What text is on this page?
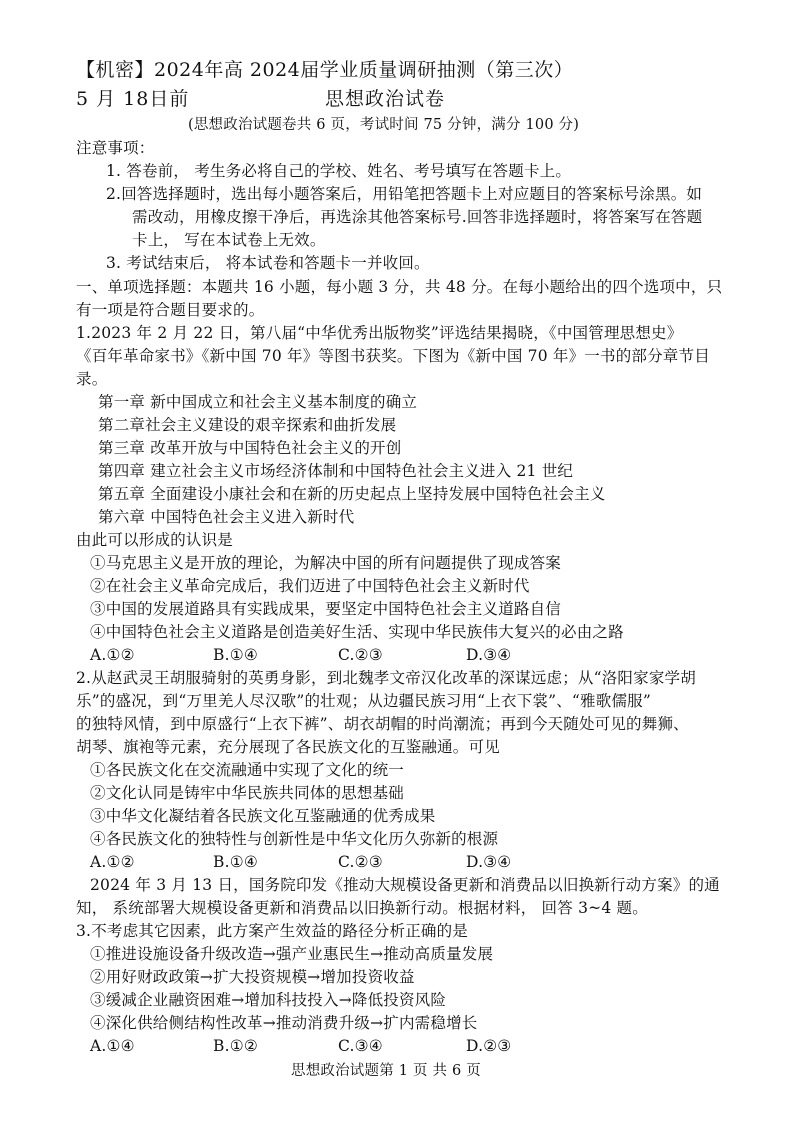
【机密】2024年高 2024届学业质量调研抽测（第三次）
5 月 18日前	思想政治试卷
(思想政治试题卷共 6 页，考试时间 75 分钟，满分 100 分)
注意事项：
1. 答卷前， 考生务必将自己的学校、姓名、考号填写在答题卡上。
2.回答选择题时，选出每小题答案后，用铅笔把答题卡上对应题目的答案标号涂黑。如
需改动，用橡皮擦干净后，再选涂其他答案标号.回答非选择题时，将答案写在答题
卡上， 写在本试卷上无效。
3. 考试结束后， 将本试卷和答题卡一并收回。
一、单项选择题：本题共 16 小题，每小题 3 分，共 48 分。在每小题给出的四个选项中，只
有一项是符合题目要求的。
1.2023 年 2 月 22 日，第八届“中华优秀出版物奖”评选结果揭晓，《中国管理思想史》
《百年革命家书》《新中国 70 年》等图书获奖。下图为《新中国 70 年》一书的部分章节目
录。
第一章 新中国成立和社会主义基本制度的确立
第二章社会主义建设的艰辛探索和曲折发展
第三章 改革开放与中国特色社会主义的开创
第四章 建立社会主义市场经济体制和中国特色社会主义进入 21 世纪
第五章 全面建设小康社会和在新的历史起点上坚持发展中国特色社会主义
第六章 中国特色社会主义进入新时代
由此可以形成的认识是
①马克思主义是开放的理论，为解决中国的所有问题提供了现成答案
②在社会主义革命完成后，我们迈进了中国特色社会主义新时代
③中国的发展道路具有实践成果，要坚定中国特色社会主义道路自信
④中国特色社会主义道路是创造美好生活、实现中华民族伟大复兴的必由之路
A.①②	B.①④	C.②③	D.③④
2.从赵武灵王胡服骑射的英勇身影，到北魏孝文帝汉化改革的深谋远虑；从“洛阳家家学胡
乐”的盛况，到“万里羌人尽汉歌”的壮观；从边疆民族习用“上衣下裳”、“雅歌儒服”
的独特风情，到中原盛行“上衣下裤”、胡衣胡帽的时尚潮流；再到今天随处可见的舞狮、
胡琴、旗袍等元素，充分展现了各民族文化的互鉴融通。可见
①各民族文化在交流融通中实现了文化的统一
②文化认同是铸牢中华民族共同体的思想基础
③中华文化凝结着各民族文化互鉴融通的优秀成果
④各民族文化的独特性与创新性是中华文化历久弥新的根源
A.①②	B.①④	C.②③	D.③④
2024 年 3 月 13 日，国务院印发《推动大规模设备更新和消费品以旧换新行动方案》的通
知， 系统部署大规模设备更新和消费品以旧换新行动。根据材料， 回答 3~4 题。
3.不考虑其它因素，此方案产生效益的路径分析正确的是
①推进设施设备升级改造→强产业惠民生→推动高质量发展
②用好财政政策→扩大投资规模→增加投资收益
③缓减企业融资困难→增加科技投入→降低投资风险
④深化供给侧结构性改革→推动消费升级→扩内需稳增长
A.①④	B.①②	C.③④	D.②③
思想政治试题第 1 页 共 6 页
